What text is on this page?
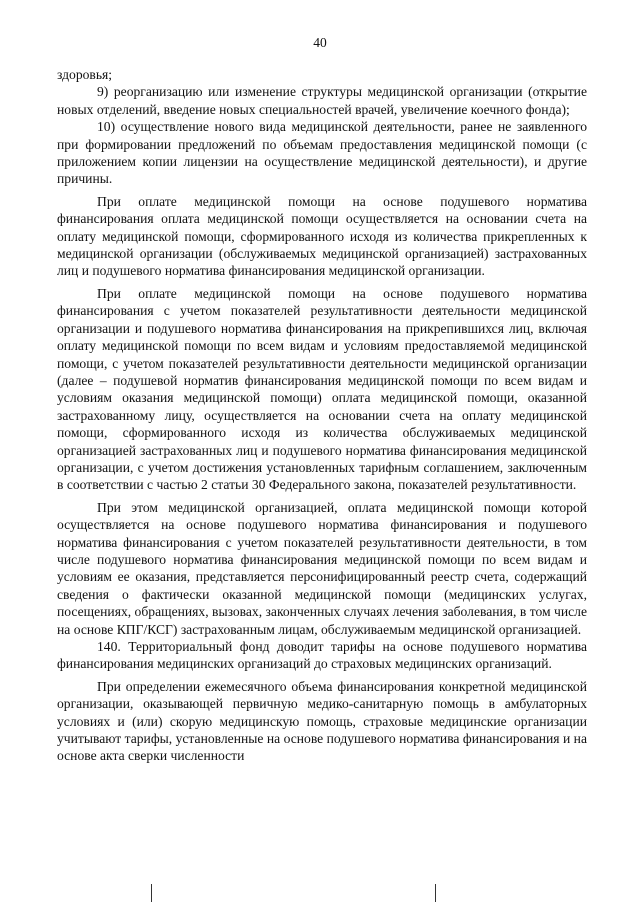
40

здоровья;

9) реорганизацию или изменение структуры медицинской организации (открытие новых отделений, введение новых специальностей врачей, увеличение коечного фонда);

10) осуществление нового вида медицинской деятельности, ранее не заявленного при формировании предложений по объемам предоставления медицинской помощи (с приложением копии лицензии на осуществление медицинской деятельности), и другие причины.

При оплате медицинской помощи на основе подушевого норматива финансирования оплата медицинской помощи осуществляется на основании счета на оплату медицинской помощи, сформированного исходя из количества прикрепленных к медицинской организации (обслуживаемых медицинской организацией) застрахованных лиц и подушевого норматива финансирования медицинской организации.

При оплате медицинской помощи на основе подушевого норматива финансирования с учетом показателей результативности деятельности медицинской организации и подушевого норматива финансирования на прикрепившихся лиц, включая оплату медицинской помощи по всем видам и условиям предоставляемой медицинской помощи, с учетом показателей результативности деятельности медицинской организации (далее – подушевой норматив финансирования медицинской помощи по всем видам и условиям оказания медицинской помощи) оплата медицинской помощи, оказанной застрахованному лицу, осуществляется на основании счета на оплату медицинской помощи, сформированного исходя из количества обслуживаемых медицинской организацией застрахованных лиц и подушевого норматива финансирования медицинской организации, с учетом достижения установленных тарифным соглашением, заключенным в соответствии с частью 2 статьи 30 Федерального закона, показателей результативности.

При этом медицинской организацией, оплата медицинской помощи которой осуществляется на основе подушевого норматива финансирования и подушевого норматива финансирования с учетом показателей результативности деятельности, в том числе подушевого норматива финансирования медицинской помощи по всем видам и условиям ее оказания, представляется персонифицированный реестр счета, содержащий сведения о фактически оказанной медицинской помощи (медицинских услугах, посещениях, обращениях, вызовах, законченных случаях лечения заболевания, в том числе на основе КПГ/КСГ) застрахованным лицам, обслуживаемым медицинской организацией.

140. Территориальный фонд доводит тарифы на основе подушевого норматива финансирования медицинских организаций до страховых медицинских организаций.

При определении ежемесячного объема финансирования конкретной медицинской организации, оказывающей первичную медико-санитарную помощь в амбулаторных условиях и (или) скорую медицинскую помощь, страховые медицинские организации учитывают тарифы, установленные на основе подушевого норматива финансирования и на основе акта сверки численности
